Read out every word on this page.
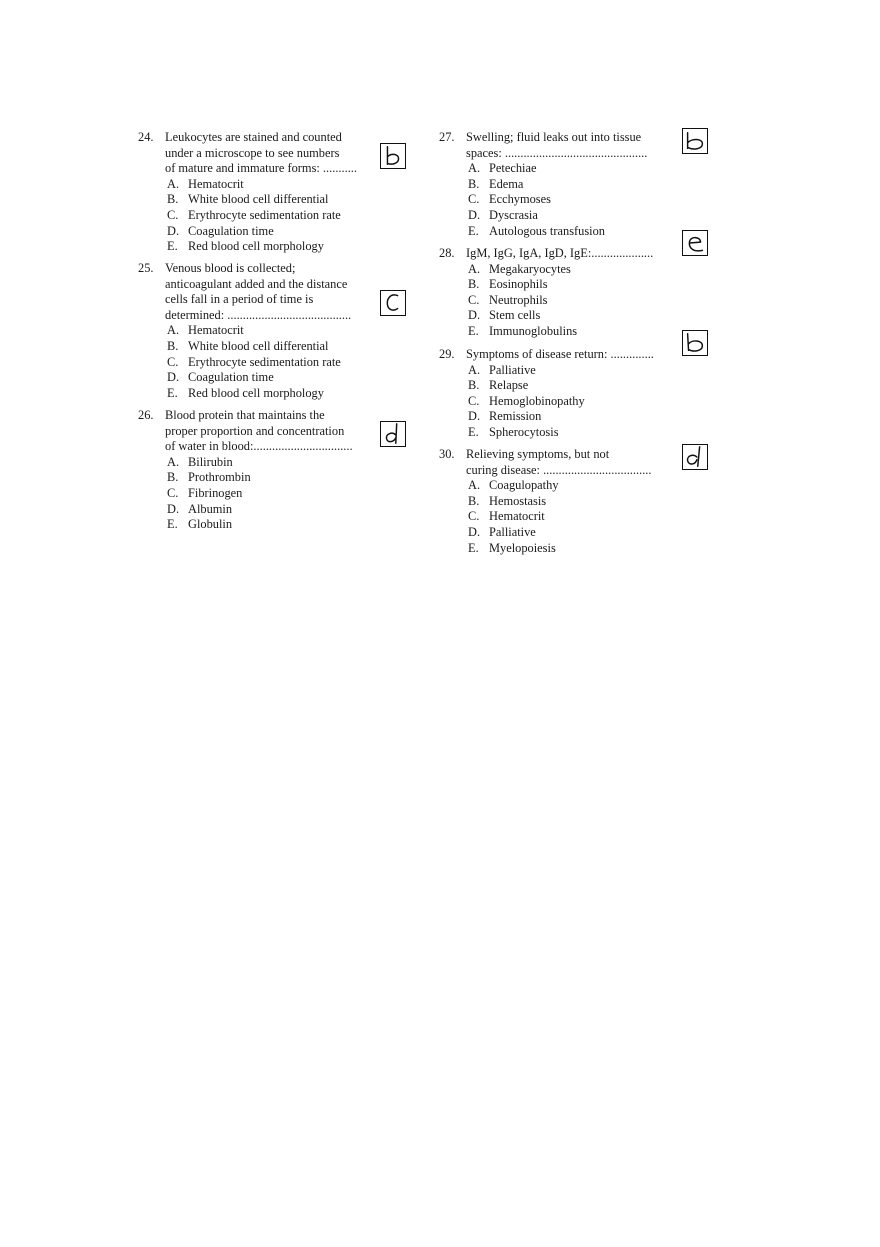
24. Leukocytes are stained and counted
under a microscope to see numbers
of mature and immature forms: ...........
A. Hematocrit
B. White blood cell differential
C. Erythrocyte sedimentation rate
D. Coagulation time
E. Red blood cell morphology
25. Venous blood is collected;
anticoagulant added and the distance
cells fall in a period of time is
determined: ........................................
A. Hematocrit
B. White blood cell differential
C. Erythrocyte sedimentation rate
D. Coagulation time
E. Red blood cell morphology
26. Blood protein that maintains the
proper proportion and concentration
of water in blood:................................
A. Bilirubin
B. Prothrombin
C. Fibrinogen
D. Albumin
E. Globulin
27. Swelling; fluid leaks out into tissue
spaces: ..............................................
A. Petechiae
B. Edema
C. Ecchymoses
D. Dyscrasia
E. Autologous transfusion
28. IgM, IgG, IgA, IgD, IgE:....................
A. Megakaryocytes
B. Eosinophils
C. Neutrophils
D. Stem cells
E. Immunoglobulins
29. Symptoms of disease return: ..............
A. Palliative
B. Relapse
C. Hemoglobinopathy
D. Remission
E. Spherocytosis
30. Relieving symptoms, but not
curing disease: ...................................
A. Coagulopathy
B. Hemostasis
C. Hematocrit
D. Palliative
E. Myelopoiesis
